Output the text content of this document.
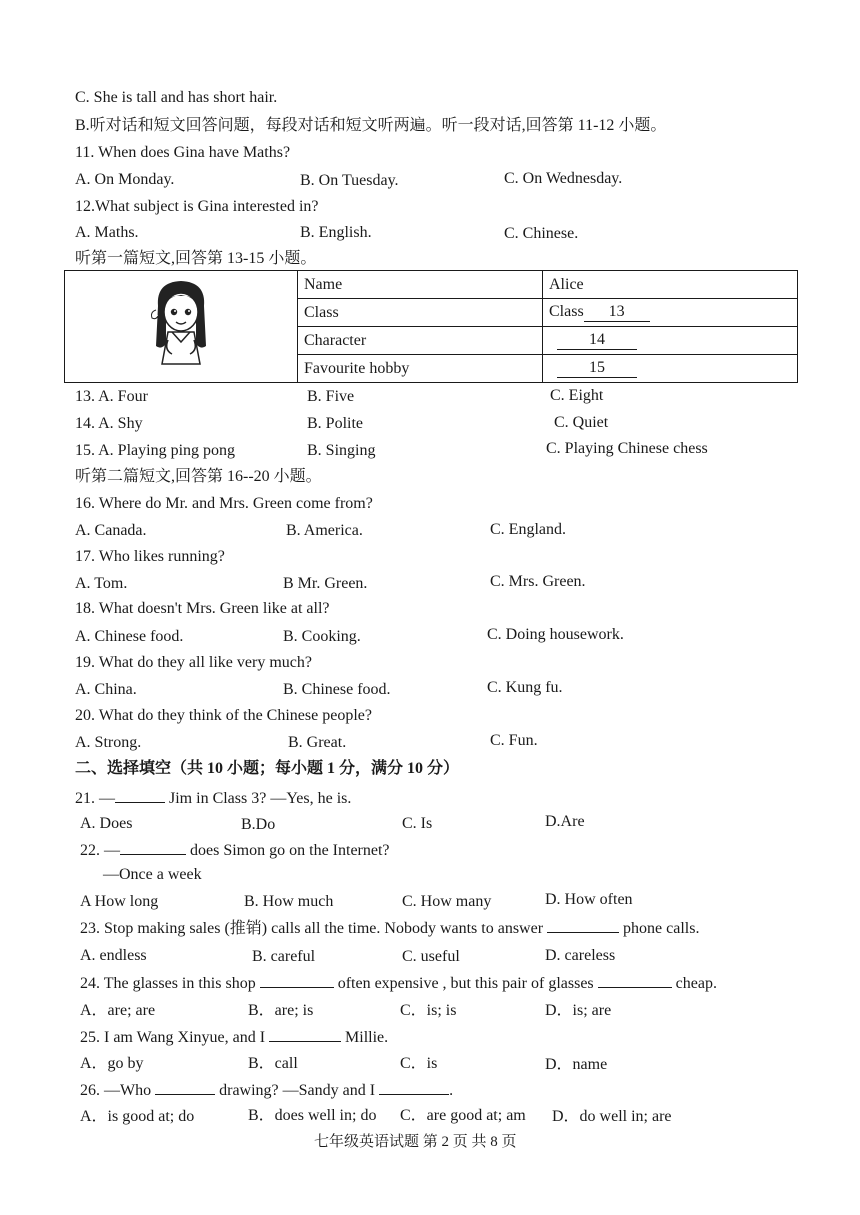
C. She is tall and has short hair.
B.听对话和短文回答问题，每段对话和短文听两遍。听一段对话,回答第 11-12 小题。
11. When does Gina have Maths?
A. On Monday.	B. On Tuesday.	C. On Wednesday.
12.What subject is Gina interested in?
A. Maths.	B. English.	C. Chinese.
听第一篇短文,回答第 13-15 小题。
	Name	Alice
	Class	Class 13
	Character	14
	Favourite hobby	15
13. A. Four	B. Five	C. Eight
14. A. Shy	B. Polite	C. Quiet
15. A. Playing ping pong	B. Singing	C. Playing Chinese chess
听第二篇短文,回答第 16--20 小题。
16. Where do Mr. and Mrs. Green come from?
A. Canada.	B. America.	C. England.
17. Who likes running?
A. Tom.	B Mr. Green.	C. Mrs. Green.
18. What doesn't Mrs. Green like at all?
A. Chinese food.	B. Cooking.	C. Doing housework.
19. What do they all like very much?
A. China.	B. Chinese food.	C. Kung fu.
20. What do they think of the Chinese people?
A. Strong.	B. Great.	C. Fun.
二、选择填空（共 10 小题；每小题 1 分，满分 10 分）
21. —	Jim in Class 3? —Yes, he is.
A. Does	B.Do	C. Is	D.Are
22. —	does Simon go on the Internet?
—Once a week
A How long	B. How much	C. How many	D. How often
23. Stop making sales (推销) calls all the time. Nobody wants to answer	phone calls.
A. endless	B. careful	C. useful	D. careless
24. The glasses in this shop	often expensive , but this pair of glasses	cheap.
A．are; are	B．are; is	C．is; is	D．is; are
25. I am Wang Xinyue, and I	Millie.
A．go by	B．call	C．is	D．name
26. —Who	drawing? —Sandy and I	.
A．is good at; do	B．does well in; do C．are good at; am D．do well in; are
七年级英语试题 第 2 页 共 8 页
